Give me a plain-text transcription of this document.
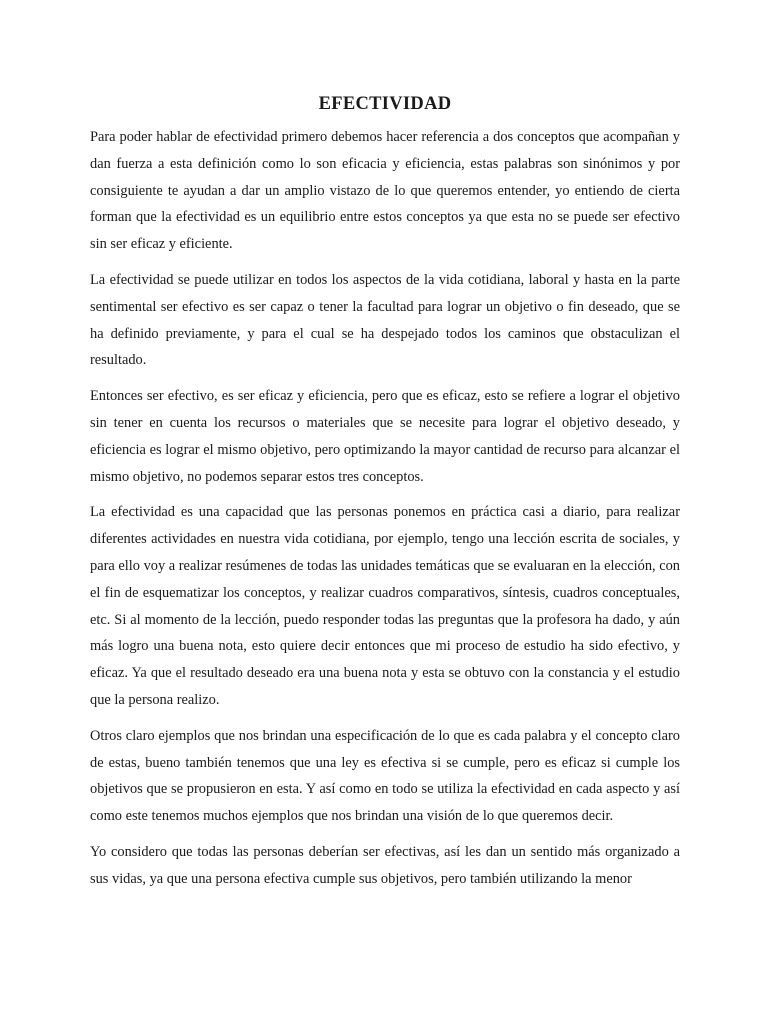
EFECTIVIDAD

Para poder hablar de efectividad primero debemos hacer referencia a dos conceptos que acompañan y dan fuerza a esta definición como lo son eficacia y eficiencia, estas palabras son sinónimos y por consiguiente te ayudan a dar un amplio vistazo de lo que queremos entender, yo entiendo de cierta forman que la efectividad es un equilibrio entre estos conceptos ya que esta no se puede ser efectivo sin ser eficaz y eficiente.

La efectividad se puede utilizar en todos los aspectos de la vida cotidiana, laboral y hasta en la parte sentimental ser efectivo es ser capaz o tener la facultad para lograr un objetivo o fin deseado, que se ha definido previamente, y para el cual se ha despejado todos los caminos que obstaculizan el resultado.

Entonces ser efectivo, es ser eficaz y eficiencia, pero que es eficaz, esto se refiere a lograr el objetivo sin tener en cuenta los recursos o materiales que se necesite para lograr el objetivo deseado, y eficiencia es lograr el mismo objetivo, pero optimizando la mayor cantidad de recurso para alcanzar el mismo objetivo, no podemos separar estos tres conceptos.

La efectividad es una capacidad que las personas ponemos en práctica casi a diario, para realizar diferentes actividades en nuestra vida cotidiana, por ejemplo, tengo una lección escrita de sociales, y para ello voy a realizar resúmenes de todas las unidades temáticas que se evaluaran en la elección, con el fin de esquematizar los conceptos, y realizar cuadros comparativos, síntesis, cuadros conceptuales, etc. Si al momento de la lección, puedo responder todas las preguntas que la profesora ha dado, y aún más logro una buena nota, esto quiere decir entonces que mi proceso de estudio ha sido efectivo, y eficaz. Ya que el resultado deseado era una buena nota y esta se obtuvo con la constancia y el estudio que la persona realizo.

Otros claro ejemplos que nos brindan una especificación de lo que es cada palabra y el concepto claro de estas, bueno también tenemos que una ley es efectiva si se cumple, pero es eficaz si cumple los objetivos que se propusieron en esta. Y así como en todo se utiliza la efectividad en cada aspecto y así como este tenemos muchos ejemplos que nos brindan una visión de lo que queremos decir.

Yo considero que todas las personas deberían ser efectivas, así les dan un sentido más organizado a sus vidas, ya que una persona efectiva cumple sus objetivos, pero también utilizando la menor
